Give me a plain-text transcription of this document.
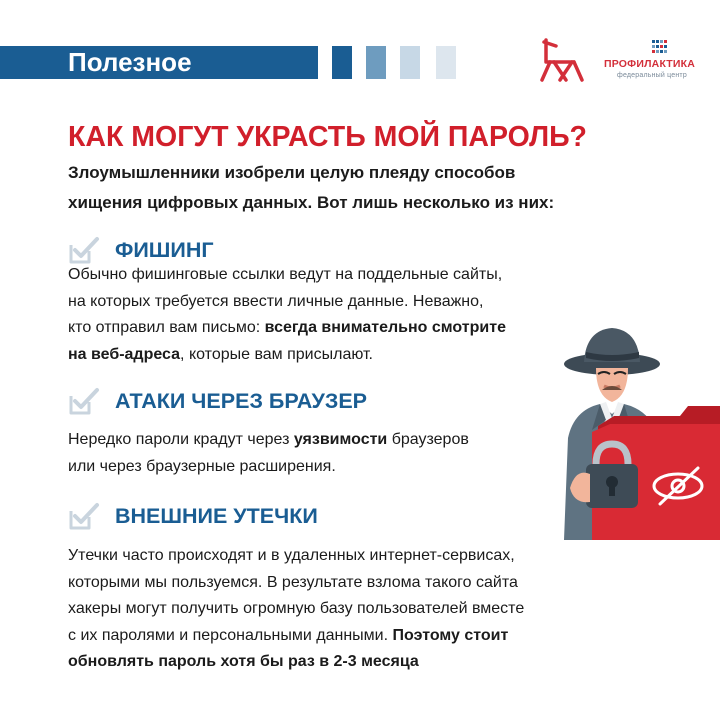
Полезное	ПРОФИЛАКТИКА
федеральный центр
КАК МОГУТ УКРАСТЬ МОЙ ПАРОЛЬ?
Злоумышленники изобрели целую плеяду способов
хищения цифровых данных. Вот лишь несколько из них:
ФИШИНГ
Обычно фишинговые ссылки ведут на поддельные сайты,
на которых требуется ввести личные данные. Неважно,
кто отправил вам письмо: всегда внимательно смотрите
на веб-адреса, которые вам присылают.
АТАКИ ЧЕРЕЗ БРАУЗЕР
Нередко пароли крадут через уязвимости браузеров
или через браузерные расширения.
ВНЕШНИЕ УТЕЧКИ
Утечки часто происходят и в удаленных интернет-сервисах,
которыми мы пользуемся. В результате взлома такого сайта
хакеры могут получить огромную базу пользователей вместе
с их паролями и персональными данными. Поэтому стоит
обновлять пароль хотя бы раз в 2-3 месяца
